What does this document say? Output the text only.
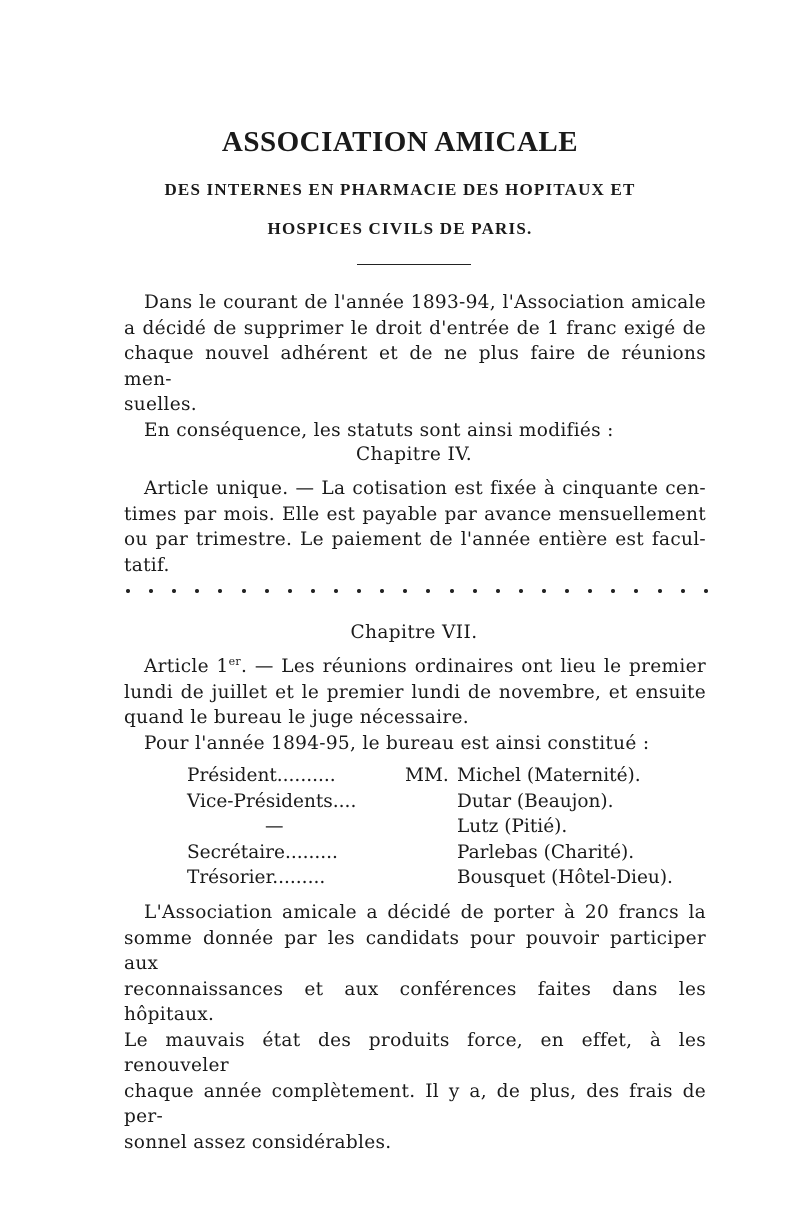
ASSOCIATION AMICALE
DES INTERNES EN PHARMACIE DES HOPITAUX ET
HOSPICES CIVILS DE PARIS.
Dans le courant de l'année 1893-94, l'Association amicale
a décidé de supprimer le droit d'entrée de 1 franc exigé de
chaque nouvel adhérent et de ne plus faire de réunions men-
suelles.
En conséquence, les statuts sont ainsi modifiés :
Chapitre IV.
Article unique. — La cotisation est fixée à cinquante cen-
times par mois. Elle est payable par avance mensuellement
ou par trimestre. Le paiement de l'année entière est facul-
tatif.
Chapitre VII.
Article 1er. — Les réunions ordinaires ont lieu le premier
lundi de juillet et le premier lundi de novembre, et ensuite
quand le bureau le juge nécessaire.
Pour l'année 1894-95, le bureau est ainsi constitué :
Président..........	MM. Michel (Maternité).
Vice-Présidents....	Dutar (Beaujon).
—	Lutz (Pitié).
Secrétaire.........	Parlebas (Charité).
Trésorier.........	Bousquet (Hôtel-Dieu).
L'Association amicale a décidé de porter à 20 francs la
somme donnée par les candidats pour pouvoir participer aux
reconnaissances et aux conférences faites dans les hôpitaux.
Le mauvais état des produits force, en effet, à les renouveler
chaque année complètement. Il y a, de plus, des frais de per-
sonnel assez considérables.
